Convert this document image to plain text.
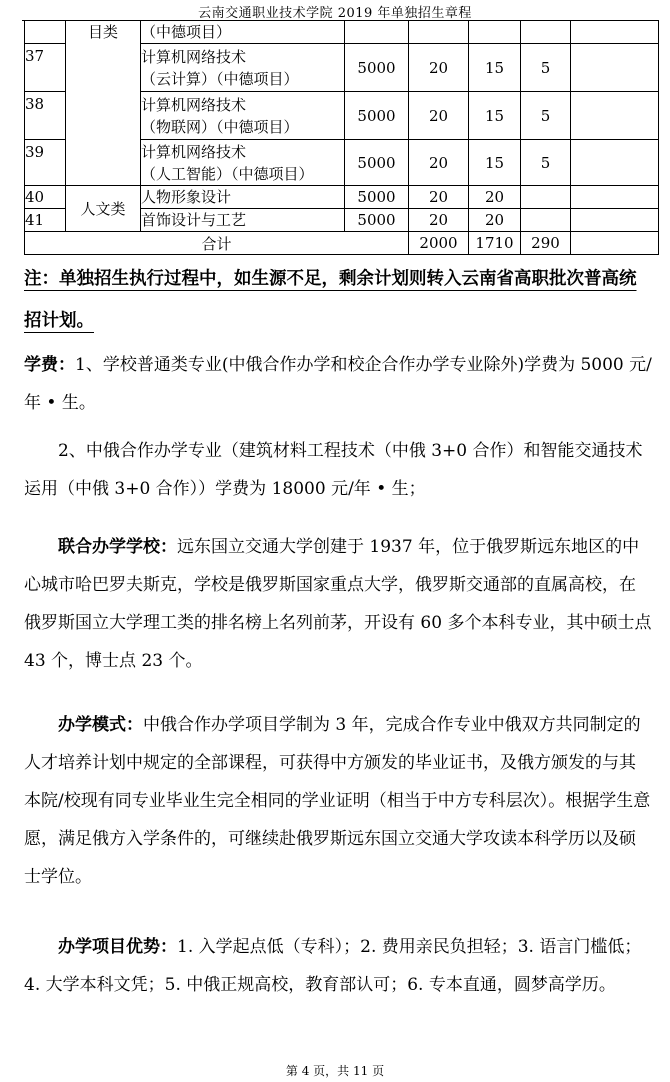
云南交通职业技术学院 2019 年单独招生章程
	目类	（中德项目）					
37		计算机网络技术
（云计算）（中德项目）	5000	20	15	5	
38		计算机网络技术
（物联网）（中德项目）	5000	20	15	5	
39		计算机网络技术
（人工智能）（中德项目）	5000	20	15	5	
40	人文类	人物形象设计	5000	20	20		
41		首饰设计与工艺	5000	20	20		
合计				2000	1710	290	

注：单独招生执行过程中，如生源不足，剩余计划则转入云南省高职批次普高统招计划。

学费：1、学校普通类专业(中俄合作办学和校企合作办学专业除外)学费为 5000 元/年 • 生。

2、中俄合作办学专业（建筑材料工程技术（中俄 3+0 合作）和智能交通技术运用（中俄 3+0 合作））学费为 18000 元/年 • 生；

联合办学学校：远东国立交通大学创建于 1937 年，位于俄罗斯远东地区的中心城市哈巴罗夫斯克，学校是俄罗斯国家重点大学，俄罗斯交通部的直属高校，在俄罗斯国立大学理工类的排名榜上名列前茅，开设有 60 多个本科专业，其中硕士点 43 个，博士点 23 个。

办学模式：中俄合作办学项目学制为 3 年，完成合作专业中俄双方共同制定的人才培养计划中规定的全部课程，可获得中方颁发的毕业证书，及俄方颁发的与其本院/校现有同专业毕业生完全相同的学业证明（相当于中方专科层次）。根据学生意愿，满足俄方入学条件的，可继续赴俄罗斯远东国立交通大学攻读本科学历以及硕士学位。

办学项目优势：1. 入学起点低（专科）；2. 费用亲民负担轻；3. 语言门槛低；4. 大学本科文凭；5. 中俄正规高校，教育部认可；6. 专本直通，圆梦高学历。

第 4 页，共 11 页
